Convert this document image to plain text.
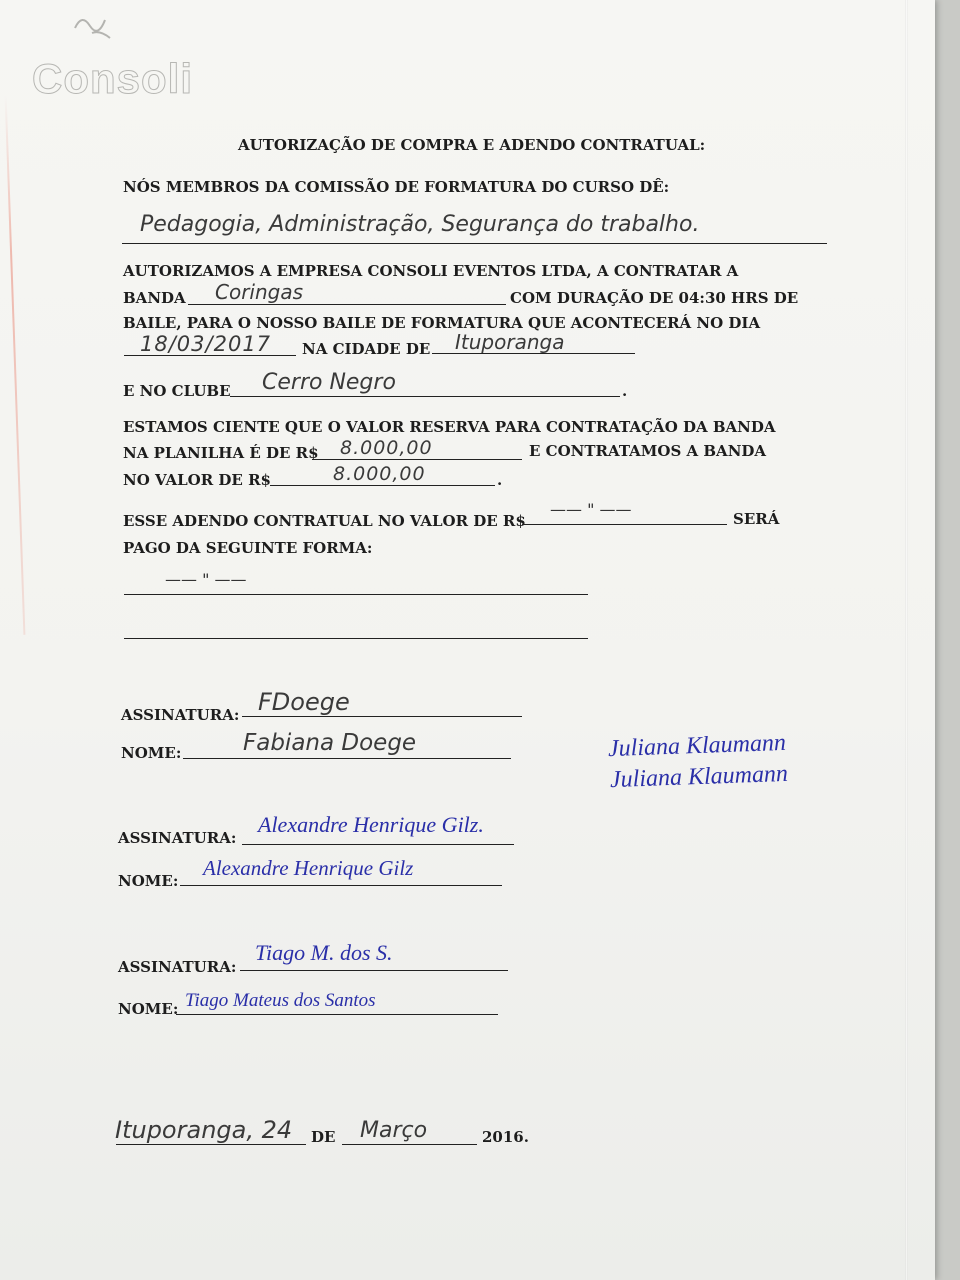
Consoli

AUTORIZAÇÃO DE COMPRA E ADENDO CONTRATUAL:

NÓS MEMBROS DA COMISSÃO DE FORMATURA DO CURSO DÊ:

Pedagogia, Administração, Segurança do trabalho.

AUTORIZAMOS A EMPRESA CONSOLI EVENTOS LTDA, A CONTRATAR A

BANDA Coringas	COM DURAÇÃO DE 04:30 HRS DE

BAILE, PARA O NOSSO BAILE DE FORMATURA QUE ACONTECERÁ NO DIA

18/03/2017 NA CIDADE DE Ituporanga

E NO CLUBE Cerro Negro	.

ESTAMOS CIENTE QUE O VALOR RESERVA PARA CONTRATAÇÃO DA BANDA

NA PLANILHA É DE R$ 8.000,00	E CONTRATAMOS A BANDA

NO VALOR DE R$	8.000,00	.

ESSE ADENDO CONTRATUAL NO VALOR DE R$

—— " ——	SERÁ

PAGO DA SEGUINTE FORMA:

—— " ——

ASSINATURA: FDoege

NOME:	Fabiana Doege	Juliana Klaumann

Juliana Klaumann

ASSINATURA:

Alexandre Henrique Gilz.

NOME:

Alexandre Henrique Gilz

ASSINATURA:

Tiago M. dos S.

NOME: Tiago Mateus dos Santos

Ituporanga, 24 DE Março	2016.
